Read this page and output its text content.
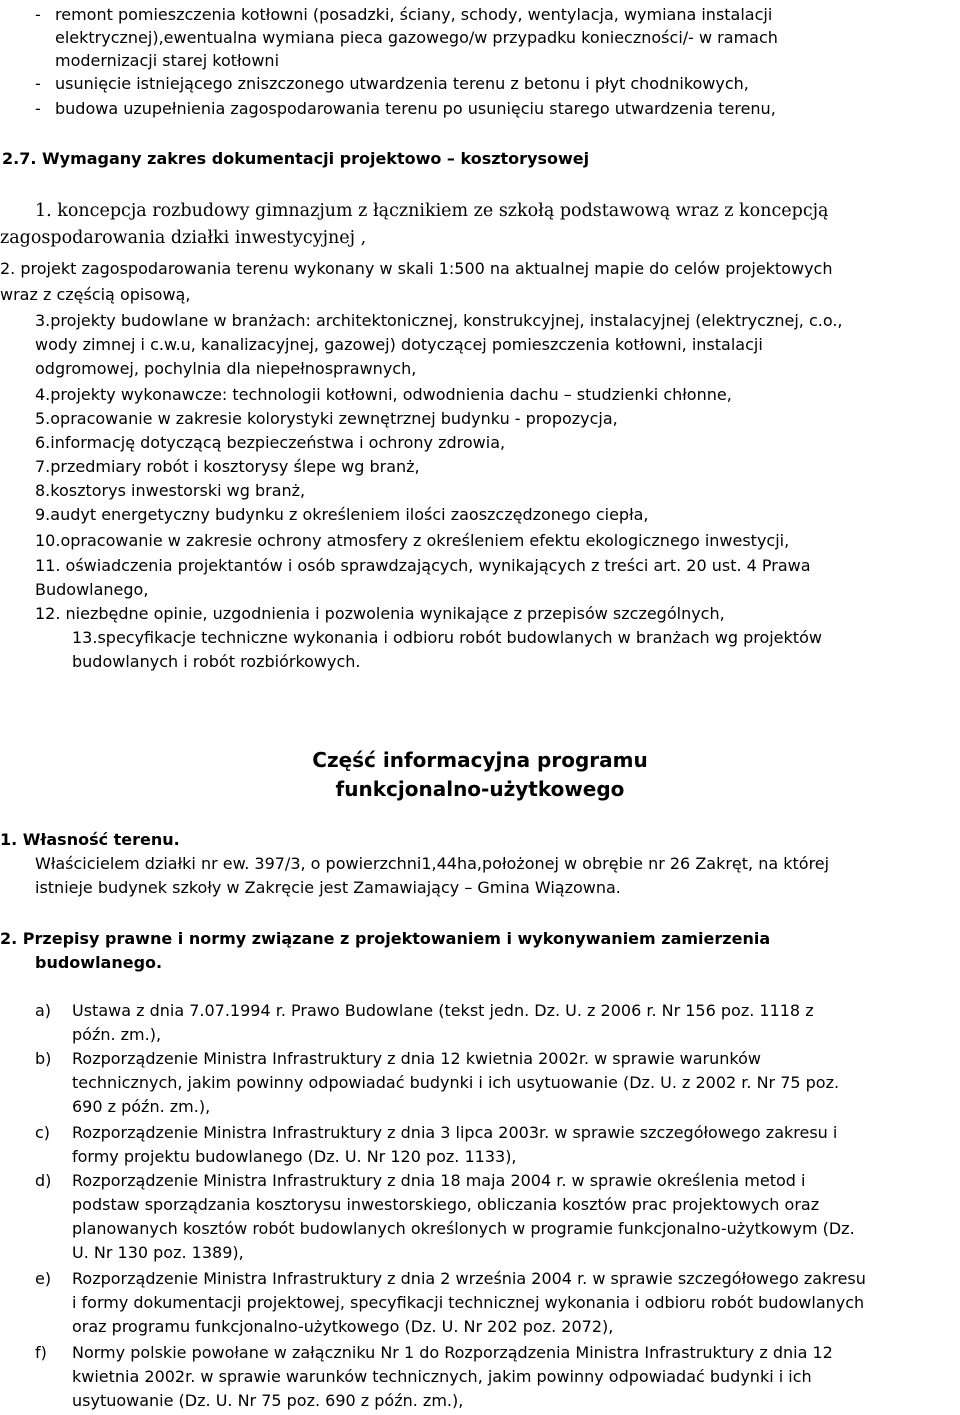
- remont pomieszczenia kotłowni (posadzki, ściany, schody, wentylacja, wymiana instalacji
elektrycznej),ewentualna wymiana pieca gazowego/w przypadku konieczności/- w ramach
modernizacji starej kotłowni
- usunięcie istniejącego zniszczonego utwardzenia terenu z betonu i płyt chodnikowych,
- budowa uzupełnienia zagospodarowania terenu po usunięciu starego utwardzenia terenu,
2.7. Wymagany zakres dokumentacji projektowo – kosztorysowej
1. koncepcja rozbudowy gimnazjum z łącznikiem ze szkołą podstawową wraz z koncepcją
zagospodarowania działki inwestycyjnej ,
2. projekt zagospodarowania terenu wykonany w skali 1:500 na aktualnej mapie do celów projektowych
wraz z częścią opisową,
3.projekty budowlane w branżach: architektonicznej, konstrukcyjnej, instalacyjnej (elektrycznej, c.o.,
wody zimnej i c.w.u, kanalizacyjnej, gazowej) dotyczącej pomieszczenia kotłowni, instalacji
odgromowej, pochylnia dla niepełnosprawnych,
4.projekty wykonawcze: technologii kotłowni, odwodnienia dachu – studzienki chłonne,
5.opracowanie w zakresie kolorystyki zewnętrznej budynku - propozycja,
6.informację dotyczącą bezpieczeństwa i ochrony zdrowia,
7.przedmiary robót i kosztorysy ślepe wg branż,
8.kosztorys inwestorski wg branż,
9.audyt energetyczny budynku z określeniem ilości zaoszczędzonego ciepła,
10.opracowanie w zakresie ochrony atmosfery z określeniem efektu ekologicznego inwestycji,
11. oświadczenia projektantów i osób sprawdzających, wynikających z treści art. 20 ust. 4 Prawa
Budowlanego,
12. niezbędne opinie, uzgodnienia i pozwolenia wynikające z przepisów szczególnych,
13.specyfikacje techniczne wykonania i odbioru robót budowlanych w branżach wg projektów
budowlanych i robót rozbiórkowych.
Część informacyjna programu
funkcjonalno-użytkowego
1. Własność terenu.
Właścicielem działki nr ew. 397/3, o powierzchni1,44ha,położonej w obrębie nr 26 Zakręt, na której
istnieje budynek szkoły w Zakręcie jest Zamawiający – Gmina Wiązowna.
2. Przepisy prawne i normy związane z projektowaniem i wykonywaniem zamierzenia
budowlanego.
a) Ustawa z dnia 7.07.1994 r. Prawo Budowlane (tekst jedn. Dz. U. z 2006 r. Nr 156 poz. 1118 z
późn. zm.),
b) Rozporządzenie Ministra Infrastruktury z dnia 12 kwietnia 2002r. w sprawie warunków
technicznych, jakim powinny odpowiadać budynki i ich usytuowanie (Dz. U. z 2002 r. Nr 75 poz.
690 z późn. zm.),
c) Rozporządzenie Ministra Infrastruktury z dnia 3 lipca 2003r. w sprawie szczegółowego zakresu i
formy projektu budowlanego (Dz. U. Nr 120 poz. 1133),
d) Rozporządzenie Ministra Infrastruktury z dnia 18 maja 2004 r. w sprawie określenia metod i
podstaw sporządzania kosztorysu inwestorskiego, obliczania kosztów prac projektowych oraz
planowanych kosztów robót budowlanych określonych w programie funkcjonalno-użytkowym (Dz.
U. Nr 130 poz. 1389),
e) Rozporządzenie Ministra Infrastruktury z dnia 2 września 2004 r. w sprawie szczegółowego zakresu
i formy dokumentacji projektowej, specyfikacji technicznej wykonania i odbioru robót budowlanych
oraz programu funkcjonalno-użytkowego (Dz. U. Nr 202 poz. 2072),
f) Normy polskie powołane w załączniku Nr 1 do Rozporządzenia Ministra Infrastruktury z dnia 12
kwietnia 2002r. w sprawie warunków technicznych, jakim powinny odpowiadać budynki i ich
usytuowanie (Dz. U. Nr 75 poz. 690 z późn. zm.),
